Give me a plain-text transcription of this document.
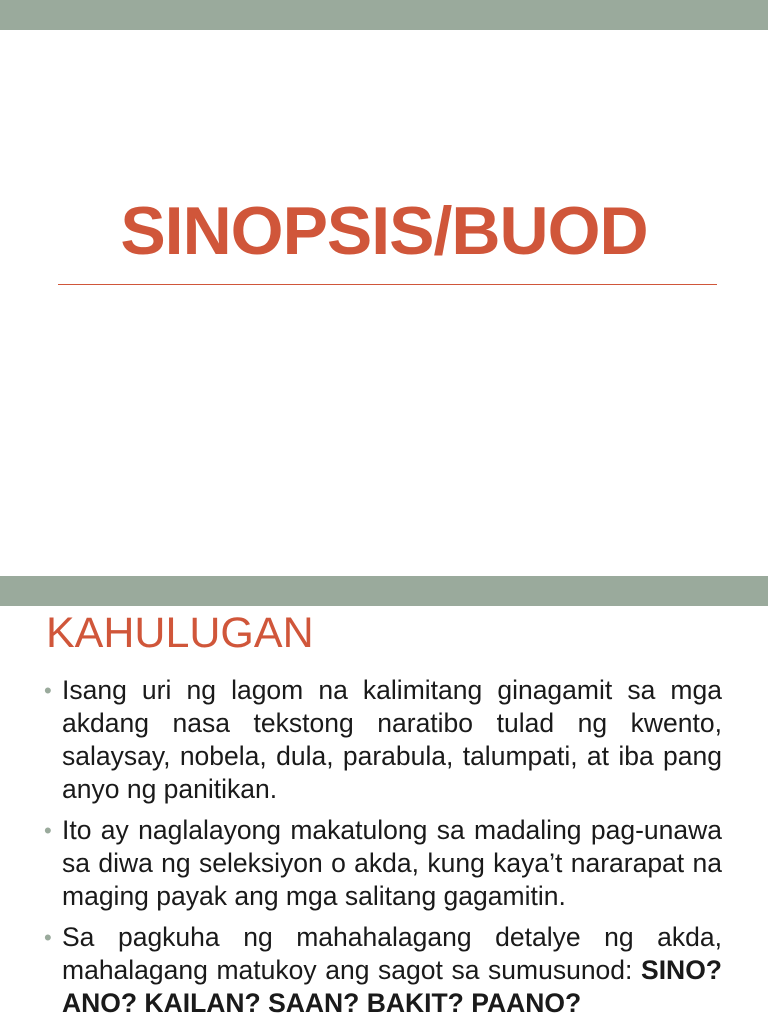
SINOPSIS/BUOD
KAHULUGAN
• Isang uri ng lagom na kalimitang ginagamit sa mga akdang nasa tekstong naratibo tulad ng kwento, salaysay, nobela, dula, parabula, talumpati, at iba pang anyo ng panitikan.
• Ito ay naglalayong makatulong sa madaling pag-unawa sa diwa ng seleksiyon o akda, kung kaya’t nararapat na maging payak ang mga salitang gagamitin.
• Sa pagkuha ng mahahalagang detalye ng akda, mahalagang matukoy ang sagot sa sumusunod: SINO? ANO? KAILAN? SAAN? BAKIT? PAANO?
